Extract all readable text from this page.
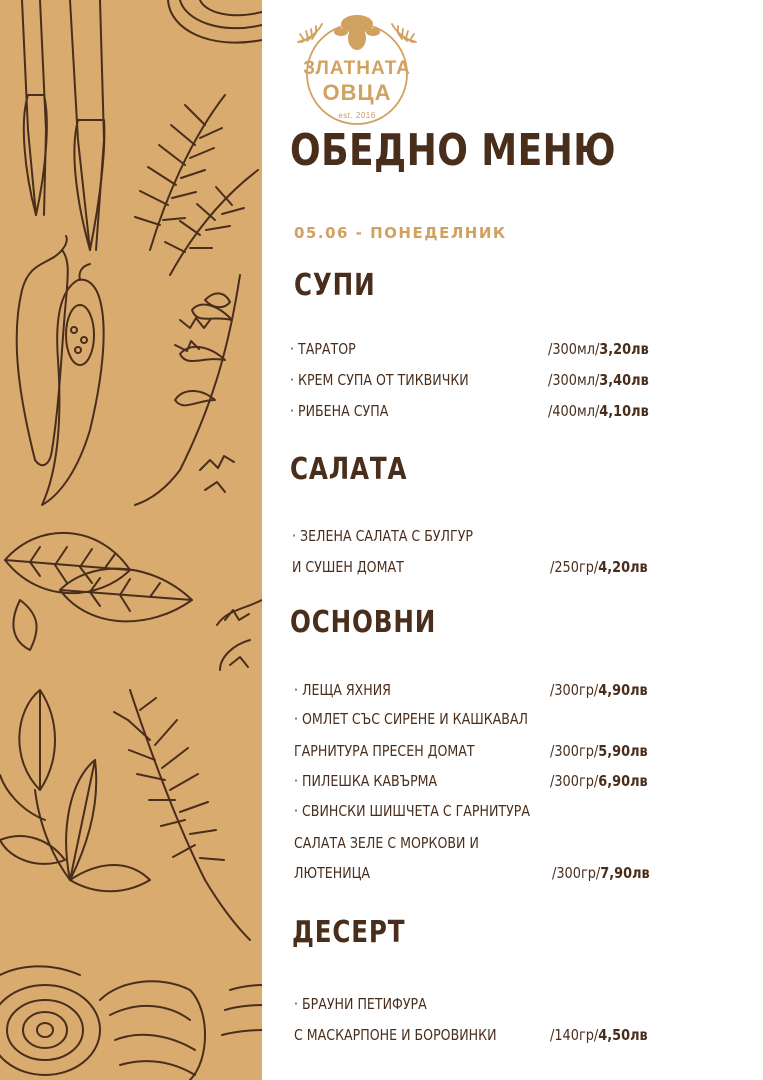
ЗЛАТНАТА
ОВЦА
est. 2016
ОБЕДНО МЕНЮ
05.06 - ПОНЕДЕЛНИК
СУПИ
· ТАРАТОР	/300мл/3,20лв
· КРЕМ СУПА ОТ ТИКВИЧКИ	/300мл/3,40лв
· РИБЕНА СУПА	/400мл/4,10лв
САЛАТА
· ЗЕЛЕНА САЛАТА С БУЛГУР
И СУШЕН ДОМАТ	/250гр/4,20лв
ОСНОВНИ
· ЛЕЩА ЯХНИЯ	/300гр/4,90лв
· ОМЛЕТ СЪС СИРЕНЕ И КАШКАВАЛ
ГАРНИТУРА ПРЕСЕН ДОМАТ	/300гр/5,90лв
· ПИЛЕШКА КАВЪРМА	/300гр/6,90лв
· СВИНСКИ ШИШЧЕТА С ГАРНИТУРА
САЛАТА ЗЕЛЕ С МОРКОВИ И
ЛЮТЕНИЦА	/300гр/7,90лв
ДЕСЕРТ
· БРАУНИ ПЕТИФУРА
С МАСКАРПОНЕ И БОРОВИНКИ	/140гр/4,50лв
